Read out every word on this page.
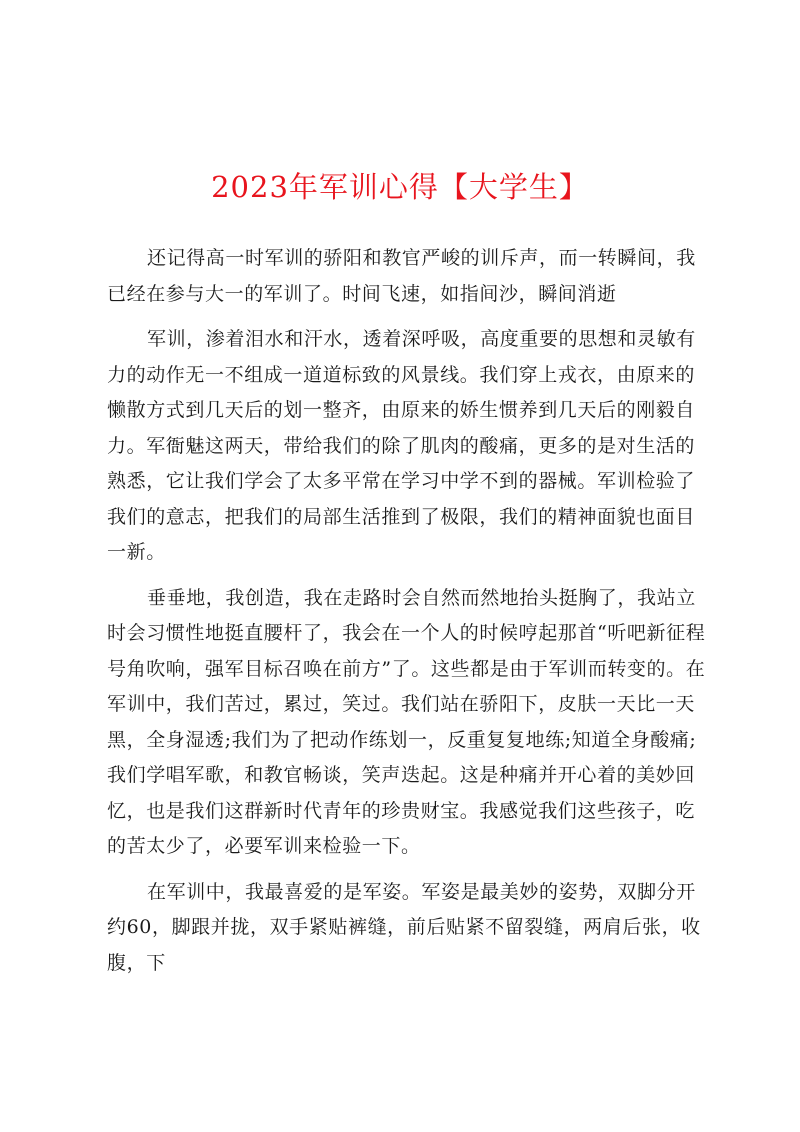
2023年军训心得【大学生】

还记得高一时军训的骄阳和教官严峻的训斥声，而一转瞬间，我已经在参与大一的军训了。时间飞速，如指间沙，瞬间消逝

军训，渗着泪水和汗水，透着深呼吸，高度重要的思想和灵敏有力的动作无一不组成一道道标致的风景线。我们穿上戎衣，由原来的懒散方式到几天后的划一整齐，由原来的娇生惯养到几天后的刚毅自力。军衙魅这两天，带给我们的除了肌肉的酸痛，更多的是对生活的熟悉，它让我们学会了太多平常在学习中学不到的器械。军训检验了我们的意志，把我们的局部生活推到了极限，我们的精神面貌也面目一新。

垂垂地，我创造，我在走路时会自然而然地抬头挺胸了，我站立时会习惯性地挺直腰杆了，我会在一个人的时候哼起那首“听吧新征程号角吹响，强军目标召唤在前方”了。这些都是由于军训而转变的。在军训中，我们苦过，累过，笑过。我们站在骄阳下，皮肤一天比一天黑，全身湿透;我们为了把动作练划一，反重复复地练;知道全身酸痛;我们学唱军歌，和教官畅谈，笑声迭起。这是种痛并开心着的美妙回忆，也是我们这群新时代青年的珍贵财宝。我感觉我们这些孩子，吃的苦太少了，必要军训来检验一下。

在军训中，我最喜爱的是军姿。军姿是最美妙的姿势，双脚分开约60，脚跟并拢，双手紧贴裤缝，前后贴紧不留裂缝，两肩后张，收腹，下
